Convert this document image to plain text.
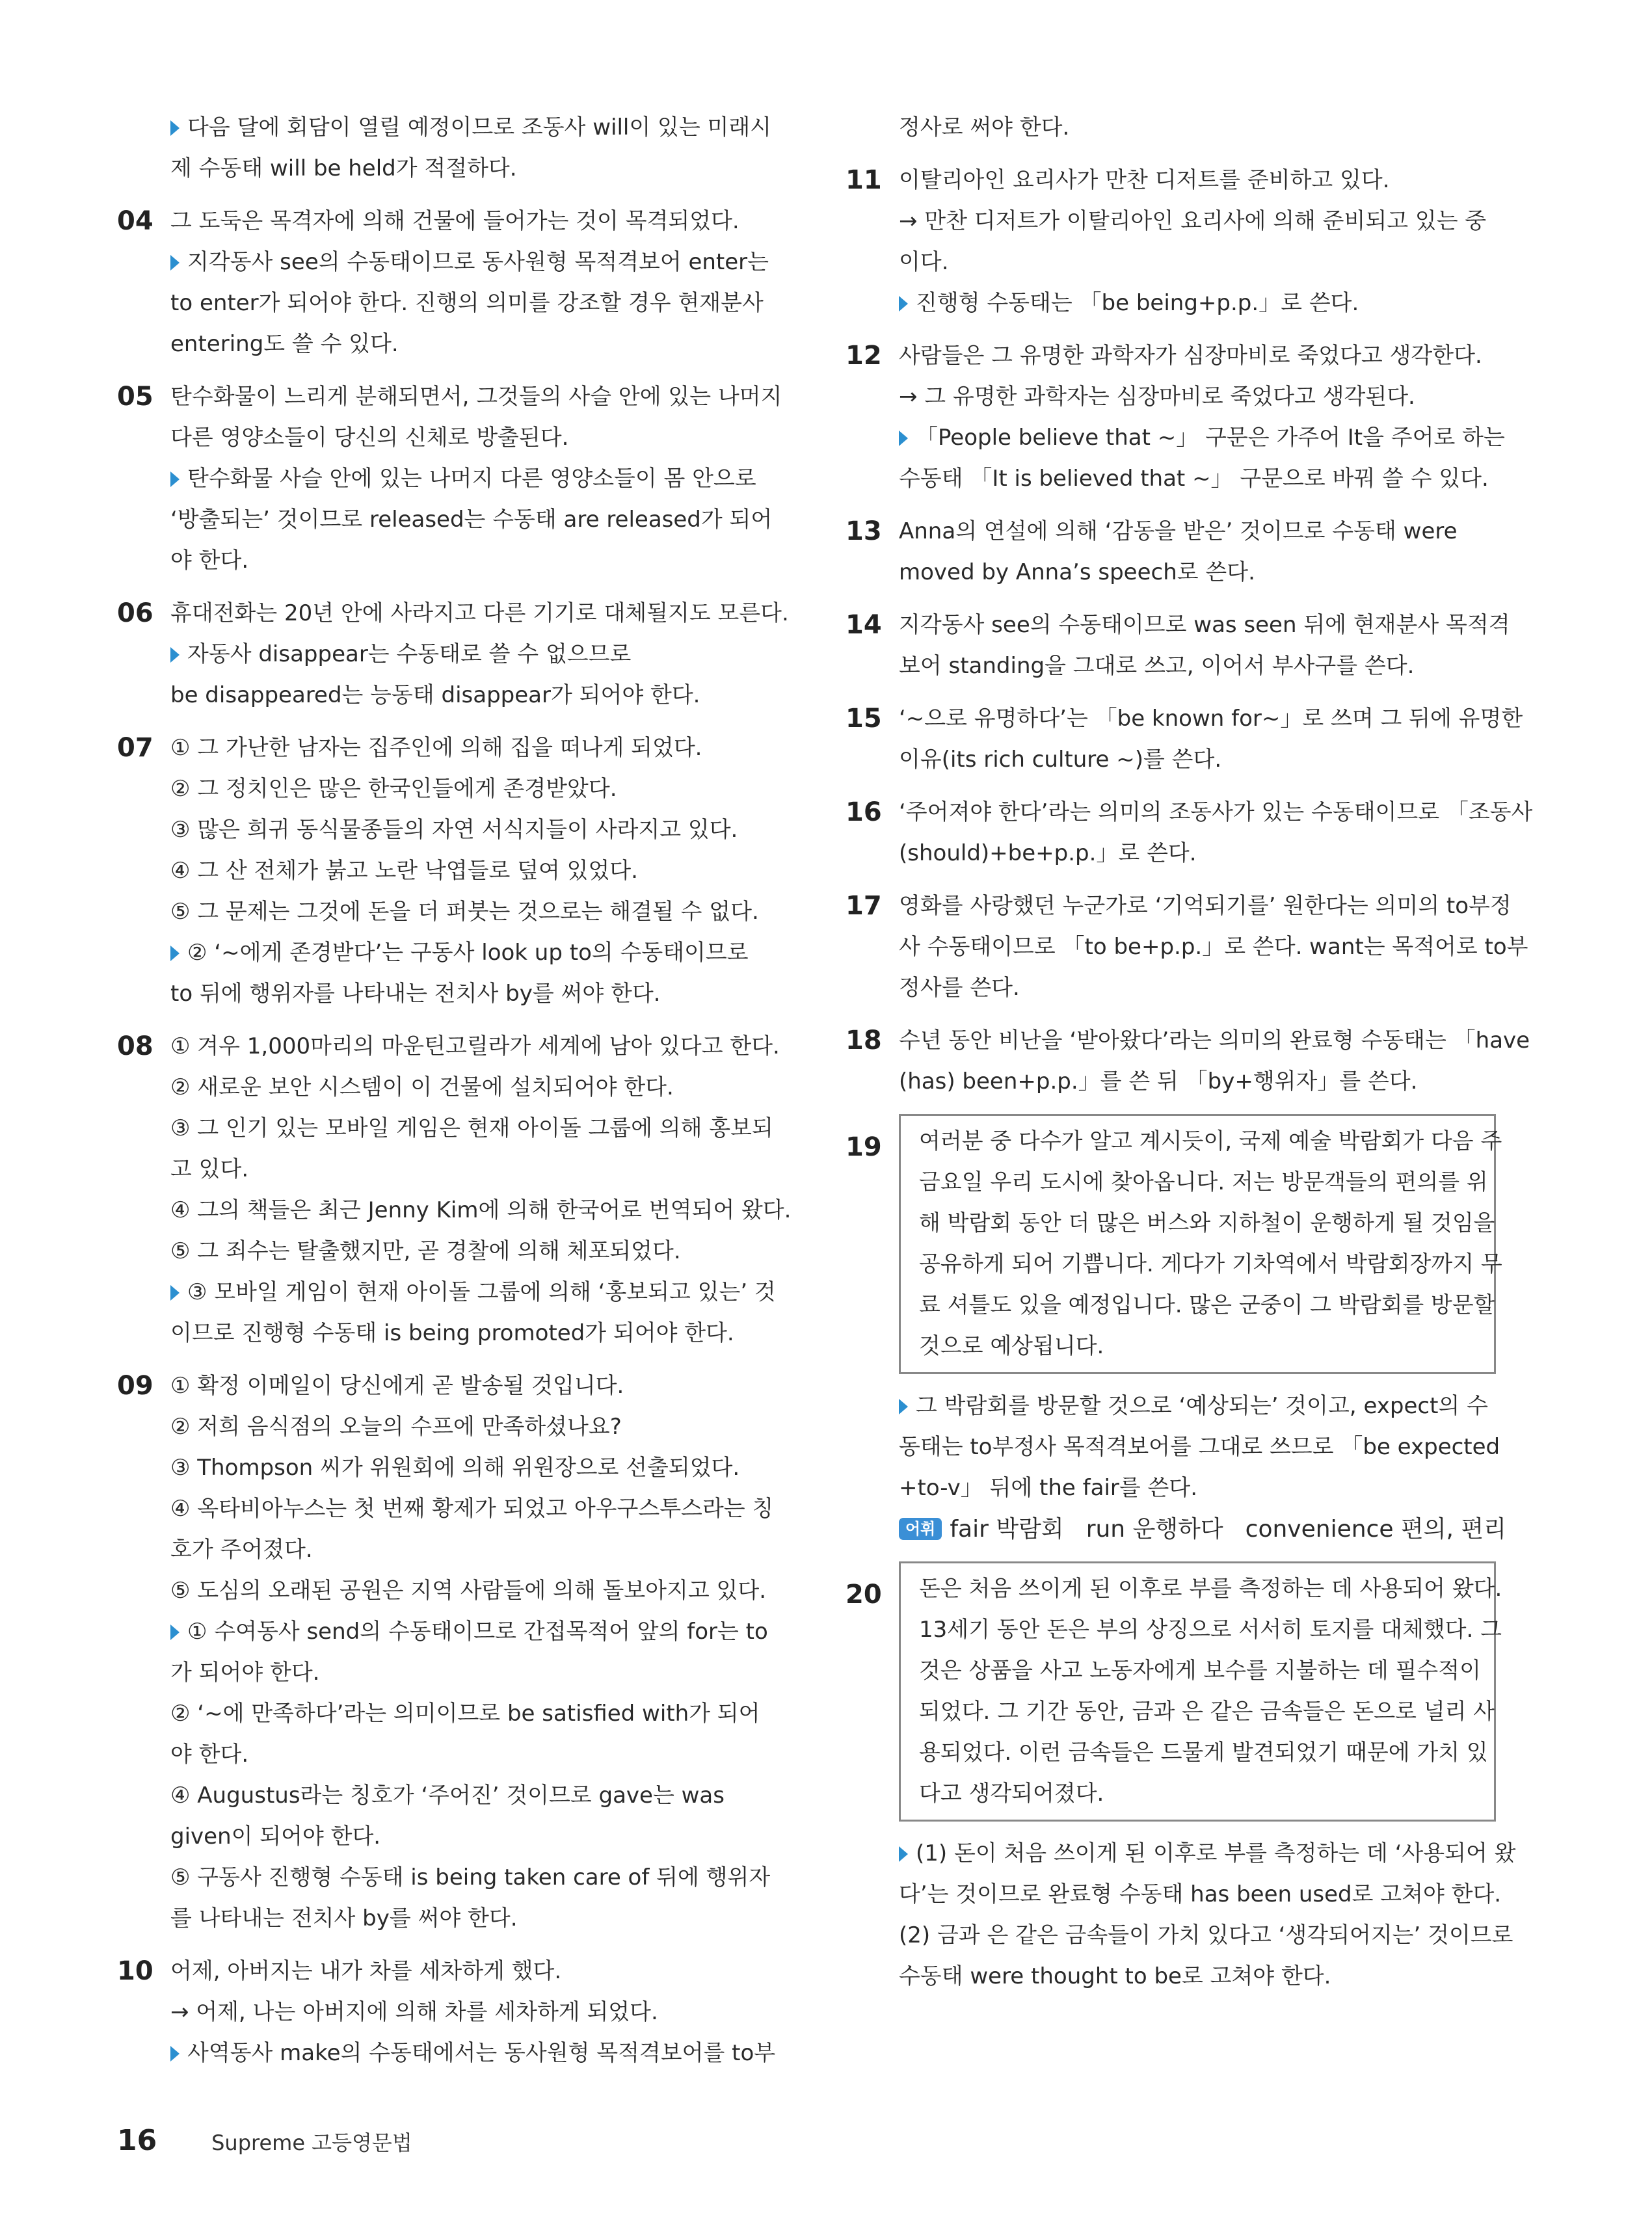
다음 달에 회담이 열릴 예정이므로 조동사 will이 있는 미래시
제 수동태 will be held가 적절하다.
04 그 도둑은 목격자에 의해 건물에 들어가는 것이 목격되었다.
지각동사 see의 수동태이므로 동사원형 목적격보어 enter는
to enter가 되어야 한다. 진행의 의미를 강조할 경우 현재분사
entering도 쓸 수 있다.
05 탄수화물이 느리게 분해되면서, 그것들의 사슬 안에 있는 나머지
다른 영양소들이 당신의 신체로 방출된다.
탄수화물 사슬 안에 있는 나머지 다른 영양소들이 몸 안으로
‘방출되는’ 것이므로 released는 수동태 are released가 되어
야 한다.
06 휴대전화는 20년 안에 사라지고 다른 기기로 대체될지도 모른다.
자동사 disappear는 수동태로 쓸 수 없으므로
be disappeared는 능동태 disappear가 되어야 한다.
07 ① 그 가난한 남자는 집주인에 의해 집을 떠나게 되었다.
② 그 정치인은 많은 한국인들에게 존경받았다.
③ 많은 희귀 동식물종들의 자연 서식지들이 사라지고 있다.
④ 그 산 전체가 붉고 노란 낙엽들로 덮여 있었다.
⑤ 그 문제는 그것에 돈을 더 퍼붓는 것으로는 해결될 수 없다.
② ‘~에게 존경받다’는 구동사 look up to의 수동태이므로
to 뒤에 행위자를 나타내는 전치사 by를 써야 한다.
08 ① 겨우 1,000마리의 마운틴고릴라가 세계에 남아 있다고 한다.
② 새로운 보안 시스템이 이 건물에 설치되어야 한다.
③ 그 인기 있는 모바일 게임은 현재 아이돌 그룹에 의해 홍보되
고 있다.
④ 그의 책들은 최근 Jenny Kim에 의해 한국어로 번역되어 왔다.
⑤ 그 죄수는 탈출했지만, 곧 경찰에 의해 체포되었다.
③ 모바일 게임이 현재 아이돌 그룹에 의해 ‘홍보되고 있는’ 것
이므로 진행형 수동태 is being promoted가 되어야 한다.
09 ① 확정 이메일이 당신에게 곧 발송될 것입니다.
② 저희 음식점의 오늘의 수프에 만족하셨나요?
③ Thompson 씨가 위원회에 의해 위원장으로 선출되었다.
④ 옥타비아누스는 첫 번째 황제가 되었고 아우구스투스라는 칭
호가 주어졌다.
⑤ 도심의 오래된 공원은 지역 사람들에 의해 돌보아지고 있다.
① 수여동사 send의 수동태이므로 간접목적어 앞의 for는 to
가 되어야 한다.
② ‘~에 만족하다’라는 의미이므로 be satisfied with가 되어
야 한다.
④ Augustus라는 칭호가 ‘주어진’ 것이므로 gave는 was
given이 되어야 한다.
⑤ 구동사 진행형 수동태 is being taken care of 뒤에 행위자
를 나타내는 전치사 by를 써야 한다.
10 어제, 아버지는 내가 차를 세차하게 했다.
→ 어제, 나는 아버지에 의해 차를 세차하게 되었다.
사역동사 make의 수동태에서는 동사원형 목적격보어를 to부
정사로 써야 한다.
11 이탈리아인 요리사가 만찬 디저트를 준비하고 있다.
→ 만찬 디저트가 이탈리아인 요리사에 의해 준비되고 있는 중
이다.
진행형 수동태는 「be being+p.p.」로 쓴다.
12 사람들은 그 유명한 과학자가 심장마비로 죽었다고 생각한다.
→ 그 유명한 과학자는 심장마비로 죽었다고 생각된다.
「People believe that ~」 구문은 가주어 It을 주어로 하는
수동태 「It is believed that ~」 구문으로 바꿔 쓸 수 있다.
13 Anna의 연설에 의해 ‘감동을 받은’ 것이므로 수동태 were
moved by Anna’s speech로 쓴다.
14 지각동사 see의 수동태이므로 was seen 뒤에 현재분사 목적격
보어 standing을 그대로 쓰고, 이어서 부사구를 쓴다.
15 ‘~으로 유명하다’는 「be known for~」로 쓰며 그 뒤에 유명한
이유(its rich culture ~)를 쓴다.
16 ‘주어져야 한다’라는 의미의 조동사가 있는 수동태이므로 「조동사
(should)+be+p.p.」로 쓴다.
17 영화를 사랑했던 누군가로 ‘기억되기를’ 원한다는 의미의 to부정
사 수동태이므로 「to be+p.p.」로 쓴다. want는 목적어로 to부
정사를 쓴다.
18 수년 동안 비난을 ‘받아왔다’라는 의미의 완료형 수동태는 「have
(has) been+p.p.」를 쓴 뒤 「by+행위자」를 쓴다.
19 여러분 중 다수가 알고 계시듯이, 국제 예술 박람회가 다음 주
금요일 우리 도시에 찾아옵니다. 저는 방문객들의 편의를 위
해 박람회 동안 더 많은 버스와 지하철이 운행하게 될 것임을
공유하게 되어 기쁩니다. 게다가 기차역에서 박람회장까지 무
료 셔틀도 있을 예정입니다. 많은 군중이 그 박람회를 방문할
것으로 예상됩니다.
그 박람회를 방문할 것으로 ‘예상되는’ 것이고, expect의 수
동태는 to부정사 목적격보어를 그대로 쓰므로 「be expected
+to-v」 뒤에 the fair를 쓴다.
어휘 fair 박람회 run 운행하다 convenience 편의, 편리
20 돈은 처음 쓰이게 된 이후로 부를 측정하는 데 사용되어 왔다.
13세기 동안 돈은 부의 상징으로 서서히 토지를 대체했다. 그
것은 상품을 사고 노동자에게 보수를 지불하는 데 필수적이
되었다. 그 기간 동안, 금과 은 같은 금속들은 돈으로 널리 사
용되었다. 이런 금속들은 드물게 발견되었기 때문에 가치 있
다고 생각되어졌다.
(1) 돈이 처음 쓰이게 된 이후로 부를 측정하는 데 ‘사용되어 왔
다’는 것이므로 완료형 수동태 has been used로 고쳐야 한다.
(2) 금과 은 같은 금속들이 가치 있다고 ‘생각되어지는’ 것이므로
수동태 were thought to be로 고쳐야 한다.
16	Supreme 고등영문법
